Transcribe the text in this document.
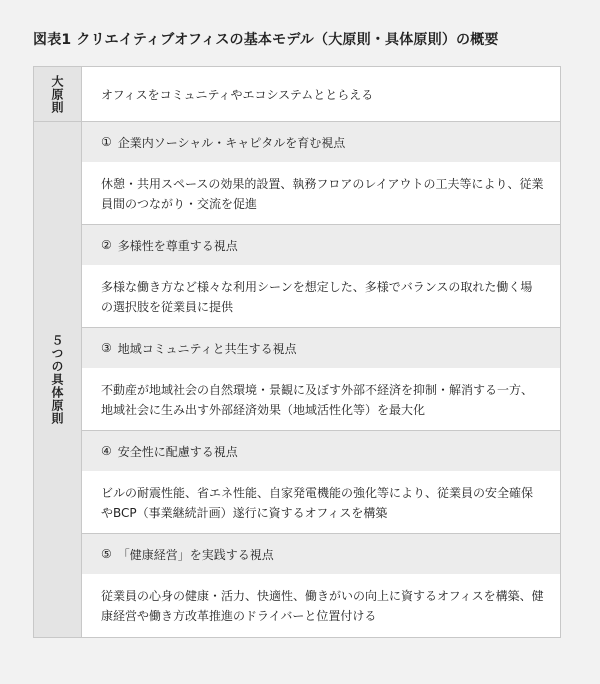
図表1 クリエイティブオフィスの基本モデル（大原則・具体原則）の概要
大原則	オフィスをコミュニティやエコシステムととらえる
５つの具体原則
① 企業内ソーシャル・キャピタルを育む視点
休憩・共用スペースの効果的設置、執務フロアのレイアウトの工夫等により、従業員間のつながり・交流を促進
② 多様性を尊重する視点
多様な働き方など様々な利用シーンを想定した、多様でバランスの取れた働く場の選択肢を従業員に提供
③ 地域コミュニティと共生する視点
不動産が地域社会の自然環境・景観に及ぼす外部不経済を抑制・解消する一方、地域社会に生み出す外部経済効果（地域活性化等）を最大化
④ 安全性に配慮する視点
ビルの耐震性能、省エネ性能、自家発電機能の強化等により、従業員の安全確保やBCP（事業継続計画）遂行に資するオフィスを構築
⑤ 「健康経営」を実践する視点
従業員の心身の健康・活力、快適性、働きがいの向上に資するオフィスを構築、健康経営や働き方改革推進のドライバーと位置付ける
